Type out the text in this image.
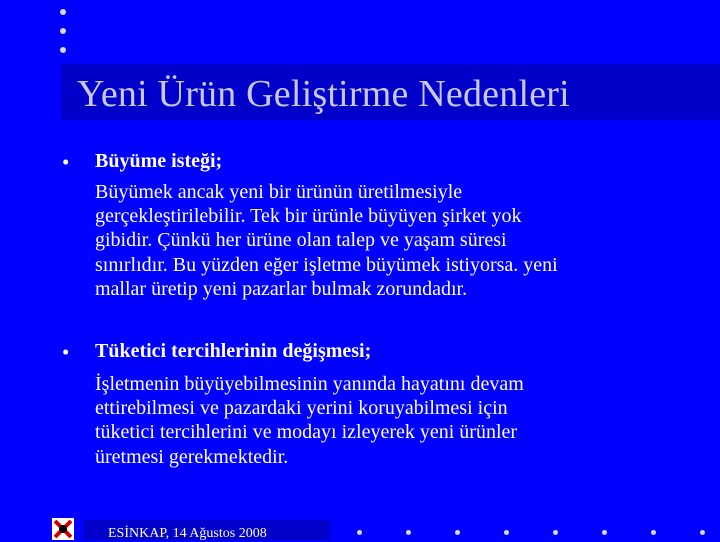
Yeni Ürün Geliştirme Nedenleri
• Büyüme isteği;
Büyümek ancak yeni bir ürünün üretilmesiyle
gerçekleştirilebilir. Tek bir ürünle büyüyen şirket yok
gibidir. Çünkü her ürüne olan talep ve yaşam süresi
sınırlıdır. Bu yüzden eğer işletme büyümek istiyorsa. yeni
mallar üretip yeni pazarlar bulmak zorundadır.
• Tüketici tercihlerinin değişmesi;
İşletmenin büyüyebilmesinin yanında hayatını devam
ettirebilmesi ve pazardaki yerini koruyabilmesi için
tüketici tercihlerini ve modayı izleyerek yeni ürünler
üretmesi gerekmektedir.
ESİNKAP, 14 Ağustos 2008
